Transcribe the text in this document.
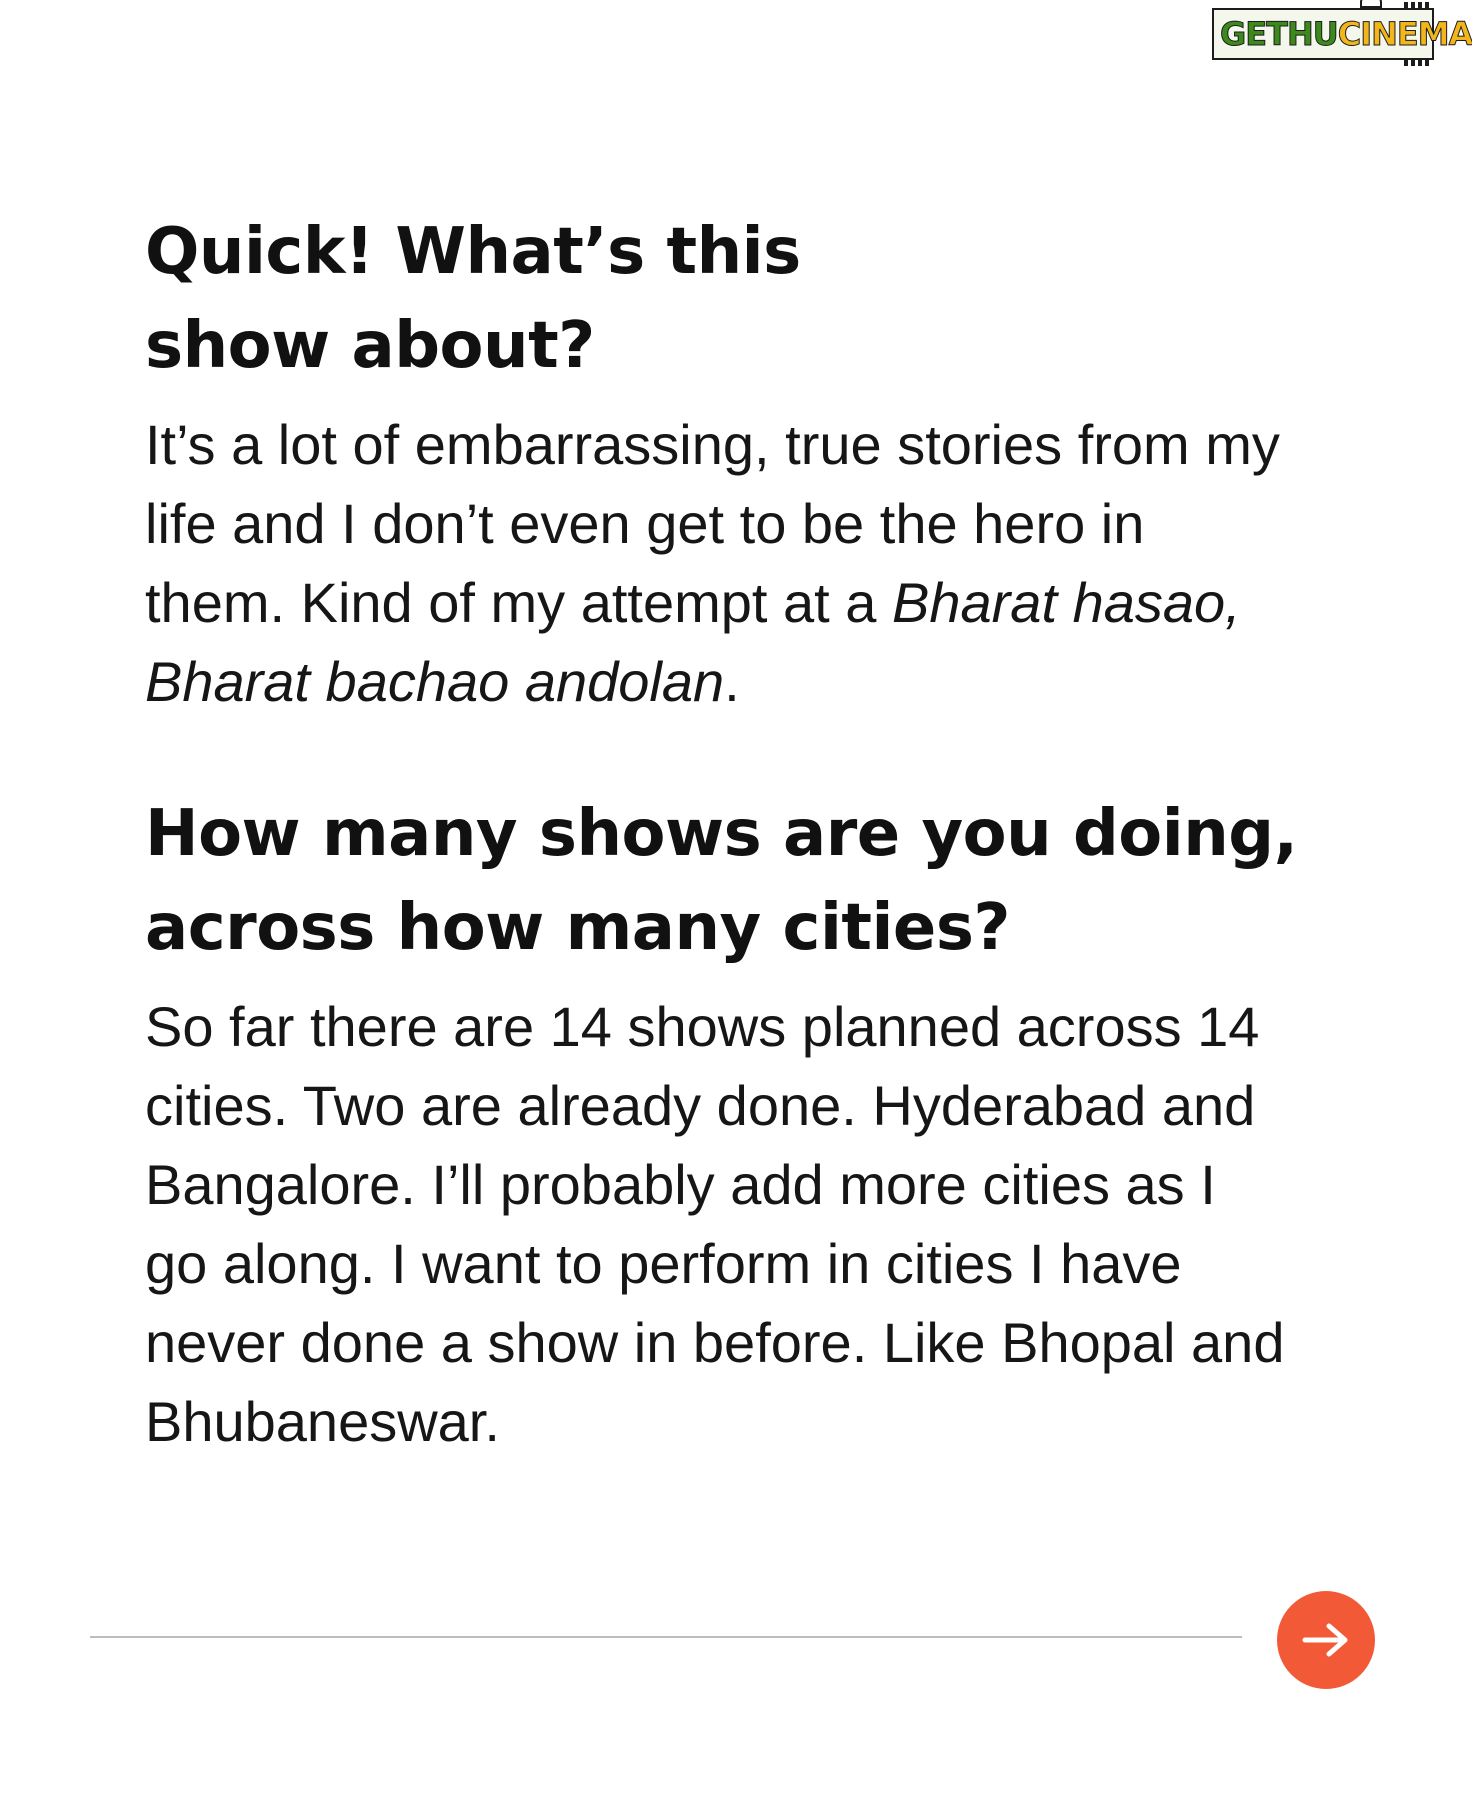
GETHU CINEMA
Quick! What’s this show about?

It’s a lot of embarrassing, true stories from my life and I don’t even get to be the hero in them. Kind of my attempt at a Bharat hasao, Bharat bachao andolan.

How many shows are you doing, across how many cities?

So far there are 14 shows planned across 14 cities. Two are already done. Hyderabad and Bangalore. I’ll probably add more cities as I go along. I want to perform in cities I have never done a show in before. Like Bhopal and Bhubaneswar.
